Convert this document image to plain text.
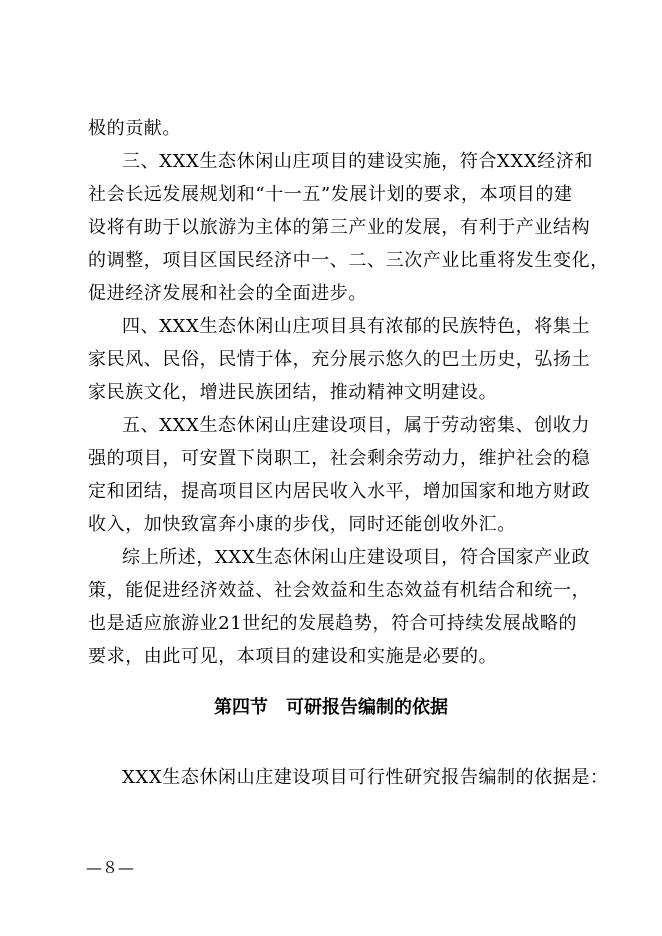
极的贡献。
三、XXX生态休闲山庄项目的建设实施，符合XXX经济和
社会长远发展规划和“十一五”发展计划的要求，本项目的建
设将有助于以旅游为主体的第三产业的发展，有利于产业结构
的调整，项目区国民经济中一、二、三次产业比重将发生变化，
促进经济发展和社会的全面进步。
四、XXX生态休闲山庄项目具有浓郁的民族特色，将集土
家民风、民俗，民情于体，充分展示悠久的巴土历史，弘扬土
家民族文化，增进民族团结，推动精神文明建设。
五、XXX生态休闲山庄建设项目，属于劳动密集、创收力
强的项目，可安置下岗职工，社会剩余劳动力，维护社会的稳
定和团结，提高项目区内居民收入水平，增加国家和地方财政
收入，加快致富奔小康的步伐，同时还能创收外汇。
综上所述，XXX生态休闲山庄建设项目，符合国家产业政
策，能促进经济效益、社会效益和生态效益有机结合和统一，
也是适应旅游业21世纪的发展趋势，符合可持续发展战略的
要求，由此可见，本项目的建设和实施是必要的。
第四节　可研报告编制的依据
XXX生态休闲山庄建设项目可行性研究报告编制的依据是：
—８—
